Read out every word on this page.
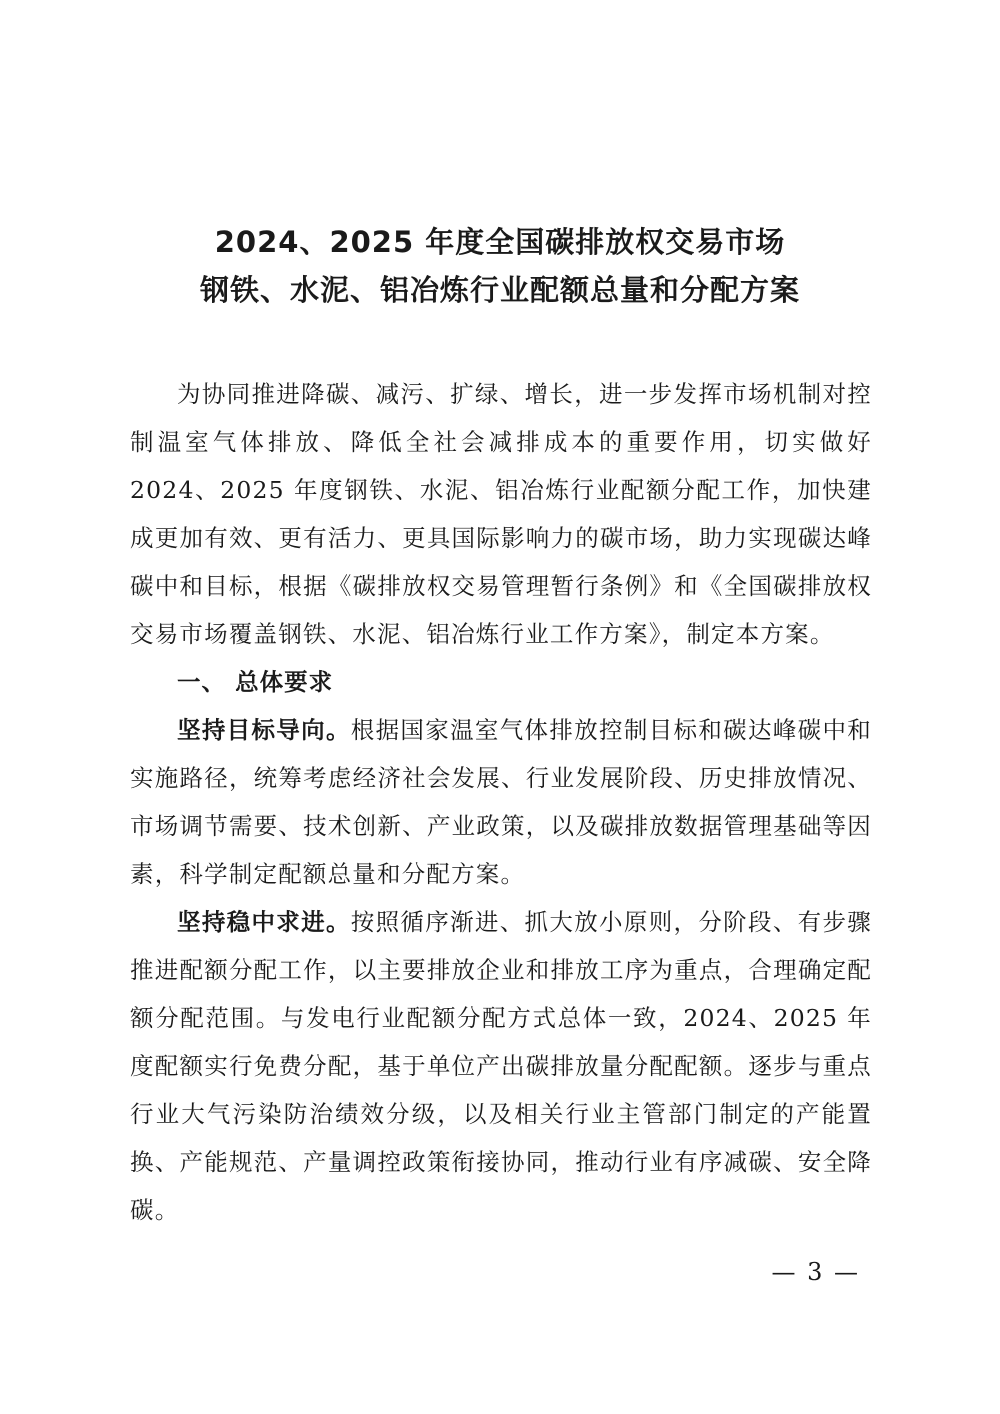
2024、2025 年度全国碳排放权交易市场
钢铁、水泥、铝冶炼行业配额总量和分配方案

为协同推进降碳、减污、扩绿、增长，进一步发挥市场机制对控制温室气体排放、降低全社会减排成本的重要作用，切实做好 2024、2025 年度钢铁、水泥、铝冶炼行业配额分配工作，加快建成更加有效、更有活力、更具国际影响力的碳市场，助力实现碳达峰碳中和目标，根据《碳排放权交易管理暂行条例》和《全国碳排放权交易市场覆盖钢铁、水泥、铝冶炼行业工作方案》，制定本方案。

一、 总体要求

坚持目标导向。根据国家温室气体排放控制目标和碳达峰碳中和实施路径，统筹考虑经济社会发展、行业发展阶段、历史排放情况、市场调节需要、技术创新、产业政策，以及碳排放数据管理基础等因素，科学制定配额总量和分配方案。

坚持稳中求进。按照循序渐进、抓大放小原则，分阶段、有步骤推进配额分配工作，以主要排放企业和排放工序为重点，合理确定配额分配范围。与发电行业配额分配方式总体一致，2024、2025 年度配额实行免费分配，基于单位产出碳排放量分配配额。逐步与重点行业大气污染防治绩效分级，以及相关行业主管部门制定的产能置换、产能规范、产量调控政策衔接协同，推动行业有序减碳、安全降碳。

— 3 —
